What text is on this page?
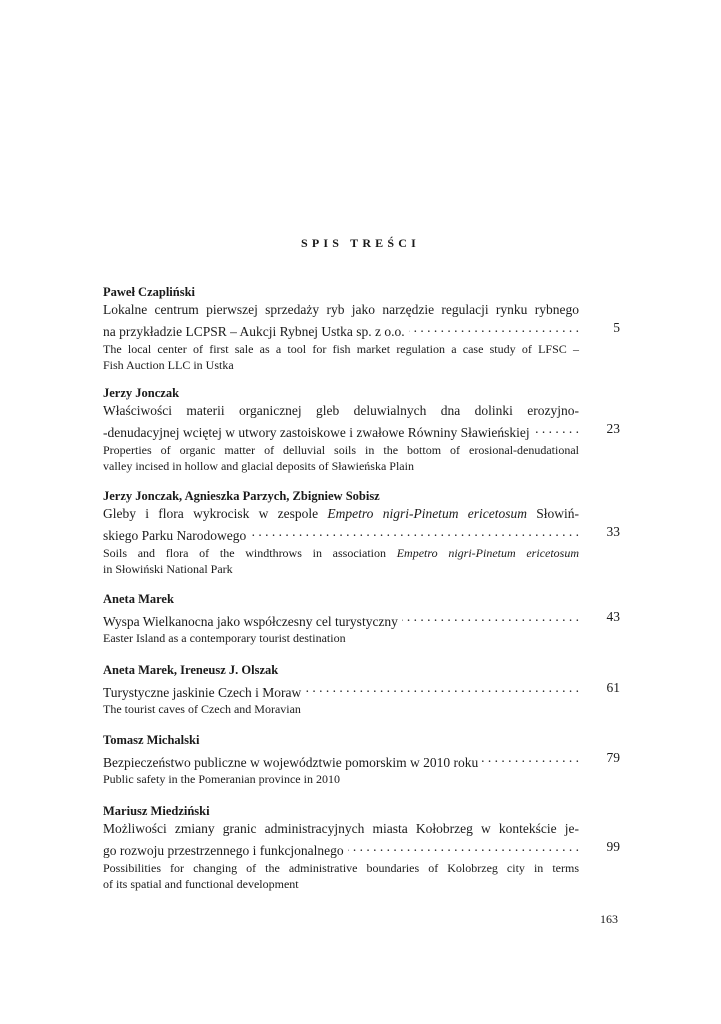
SPIS TREŚCI
Paweł Czapliński
Lokalne centrum pierwszej sprzedaży ryb jako narzędzie regulacji rynku rybnego
na przykładzie LCPSR – Aukcji Rybnej Ustka sp. z o.o. . . .	5
The local center of first sale as a tool for fish market regulation a case study of LFSC –
Fish Auction LLC in Ustka
Jerzy Jonczak
Właściwości materii organicznej gleb deluwialnych dna dolinki erozyjno-
-denudacyjnej wciętej w utwory zastoiskowe i zwałowe Równiny Sławieńskiej . . .	23
Properties of organic matter of delluvial soils in the bottom of erosional-denudational
valley incised in hollow and glacial deposits of Sławieńska Plain
Jerzy Jonczak, Agnieszka Parzych, Zbigniew Sobisz
Gleby i flora wykrocisk w zespole Empetro nigri-Pinetum ericetosum Słowiń-
skiego Parku Narodowego . . .	33
Soils and flora of the windthrows in association Empetro nigri-Pinetum ericetosum
in Słowiński National Park
Aneta Marek
Wyspa Wielkanocna jako współczesny cel turystyczny . . .	43
Easter Island as a contemporary tourist destination
Aneta Marek, Ireneusz J. Olszak
Turystyczne jaskinie Czech i Moraw . . .	61
The tourist caves of Czech and Moravian
Tomasz Michalski
Bezpieczeństwo publiczne w województwie pomorskim w 2010 roku . . .	79
Public safety in the Pomeranian province in 2010
Mariusz Miedziński
Możliwości zmiany granic administracyjnych miasta Kołobrzeg w kontekście je-
go rozwoju przestrzennego i funkcjonalnego . . .	99
Possibilities for changing of the administrative boundaries of Kolobrzeg city in terms
of its spatial and functional development
163
